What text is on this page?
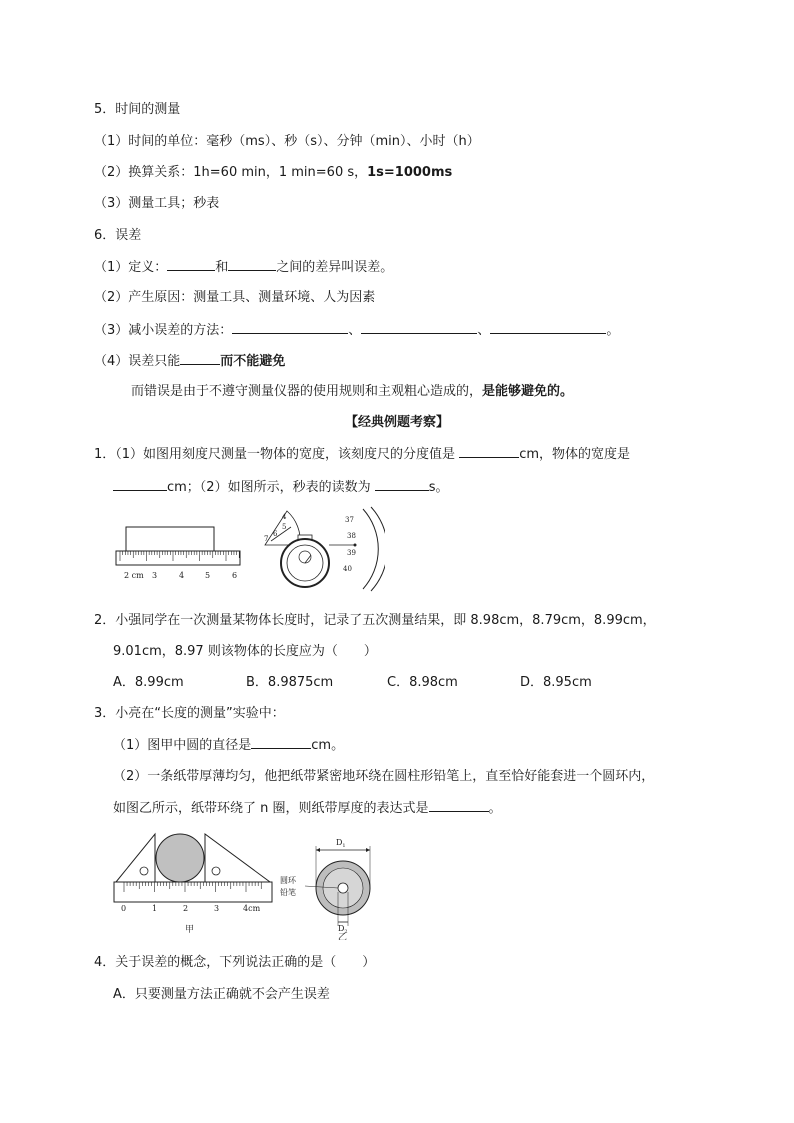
5．时间的测量
（1）时间的单位：毫秒（ms）、秒（s）、分钟（min）、小时（h）
（2）换算关系：1h=60 min，1 min=60 s，1s=1000ms
（3）测量工具；秒表
6．误差
（1）定义：	和	之间的差异叫误差。
（2）产生原因：测量工具、测量环境、人为因素
（3）减小误差的方法：	、	、	。
（4）误差只能	而不能避免
而错误是由于不遵守测量仪器的使用规则和主观粗心造成的，是能够避免的。
【经典例题考察】
1．（1）如图用刻度尺测量一物体的宽度，该刻度尺的分度值是	cm，物体的宽度是
cm；（2）如图所示，秒表的读数为	s。
2 cm 3	4	5	6
4
5
6
7
37
38
39
40
2．小强同学在一次测量某物体长度时，记录了五次测量结果，即 8.98cm，8.79cm，8.99cm，
9.01cm，8.97 则该物体的长度应为（　　）
A．8.99cm	B．8.9875cm	C．8.98cm	D．8.95cm
3．小亮在“长度的测量”实验中：
（1）图甲中圆的直径是	cm。
（2）一条纸带厚薄均匀，他把纸带紧密地环绕在圆柱形铅笔上，直至恰好能套进一个圆环内，
如图乙所示，纸带环绕了 n 圈，则纸带厚度的表达式是	。
0	1	2	3	4cm
甲
$D_1$
圆环
铅笔
$D_2$
乙
4．关于误差的概念，下列说法正确的是（　　）
A．只要测量方法正确就不会产生误差
